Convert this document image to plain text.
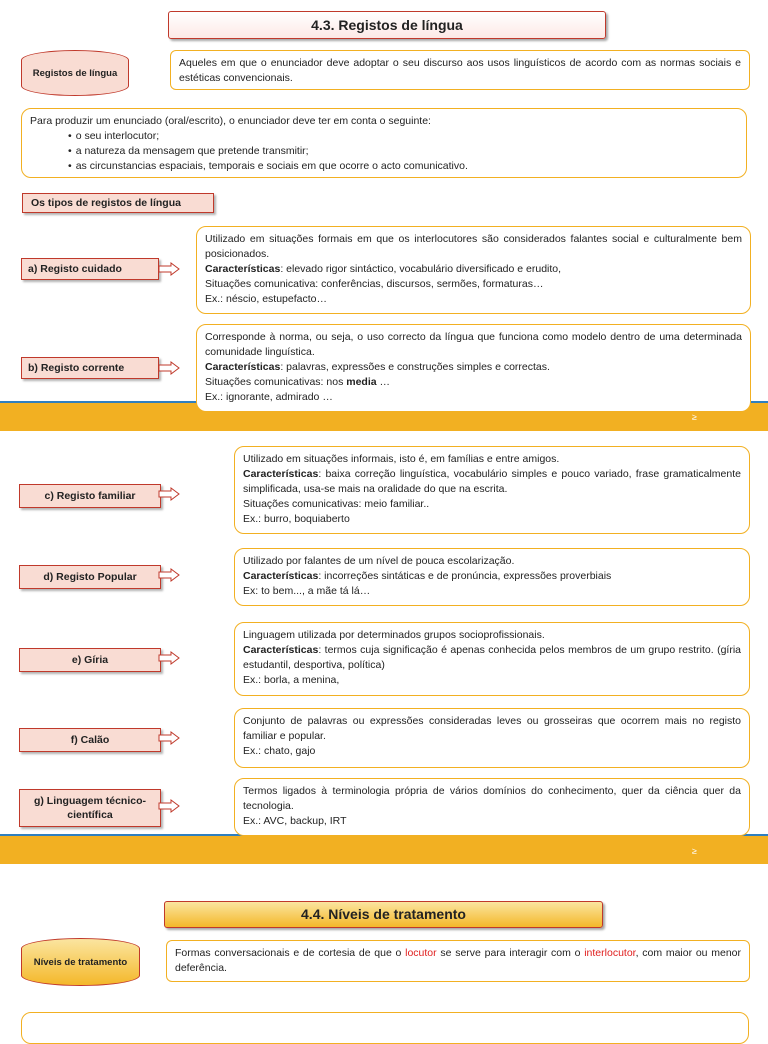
4.3. Registos de língua
Registos de língua
Aqueles em que o enunciador deve adoptar o seu discurso aos usos linguísticos de acordo com as normas sociais e estéticas convencionais.
Para produzir um enunciado (oral/escrito), o enunciador deve ter em conta o seguinte:
• o seu interlocutor;
• a natureza da mensagem que pretende transmitir;
• as circunstancias espaciais, temporais e sociais em que ocorre o acto comunicativo.
Os tipos de registos de língua
a) Registo cuidado
Utilizado em situações formais em que os interlocutores são considerados falantes social e culturalmente bem posicionados.
Características: elevado rigor sintáctico, vocabulário diversificado e erudito,
Situações comunicativa: conferências, discursos, sermões, formaturas…
Ex.: néscio, estupefacto…
b) Registo corrente
≥
Corresponde à norma, ou seja, o uso correcto da língua que funciona como modelo dentro de uma determinada comunidade linguística.
Características: palavras, expressões e construções simples e correctas.
Situações comunicativas: nos media …
Ex.: ignorante, admirado …
c) Registo familiar
Utilizado em situações informais, isto é, em famílias e entre amigos.
Características: baixa correção linguística, vocabulário simples e pouco variado, frase gramaticalmente simplificada, usa-se mais na oralidade do que na escrita.
Situações comunicativas: meio familiar..
Ex.: burro, boquiaberto
d) Registo Popular
Utilizado por falantes de um nível de pouca escolarização.
Características: incorreções sintáticas e de pronúncia, expressões proverbiais
Ex: to bem..., a mãe tá lá…
e) Gíria
Linguagem utilizada por determinados grupos socioprofissionais.
Características: termos cuja significação é apenas conhecida pelos membros de um grupo restrito. (gíria estudantil, desportiva, política)
Ex.: borla, a menina,
f) Calão
Conjunto de palavras ou expressões consideradas leves ou grosseiras que ocorrem mais no registo familiar e popular.
Ex.: chato, gajo
g) Linguagem técnico- científica
≥
Termos ligados à terminologia própria de vários domínios do conhecimento, quer da ciência quer da tecnologia.
Ex.: AVC, backup, IRT
4.4. Níveis de tratamento
Níveis de tratamento
Formas conversacionais e de cortesia de que o locutor se serve para interagir com o interlocutor, com maior ou menor deferência.
